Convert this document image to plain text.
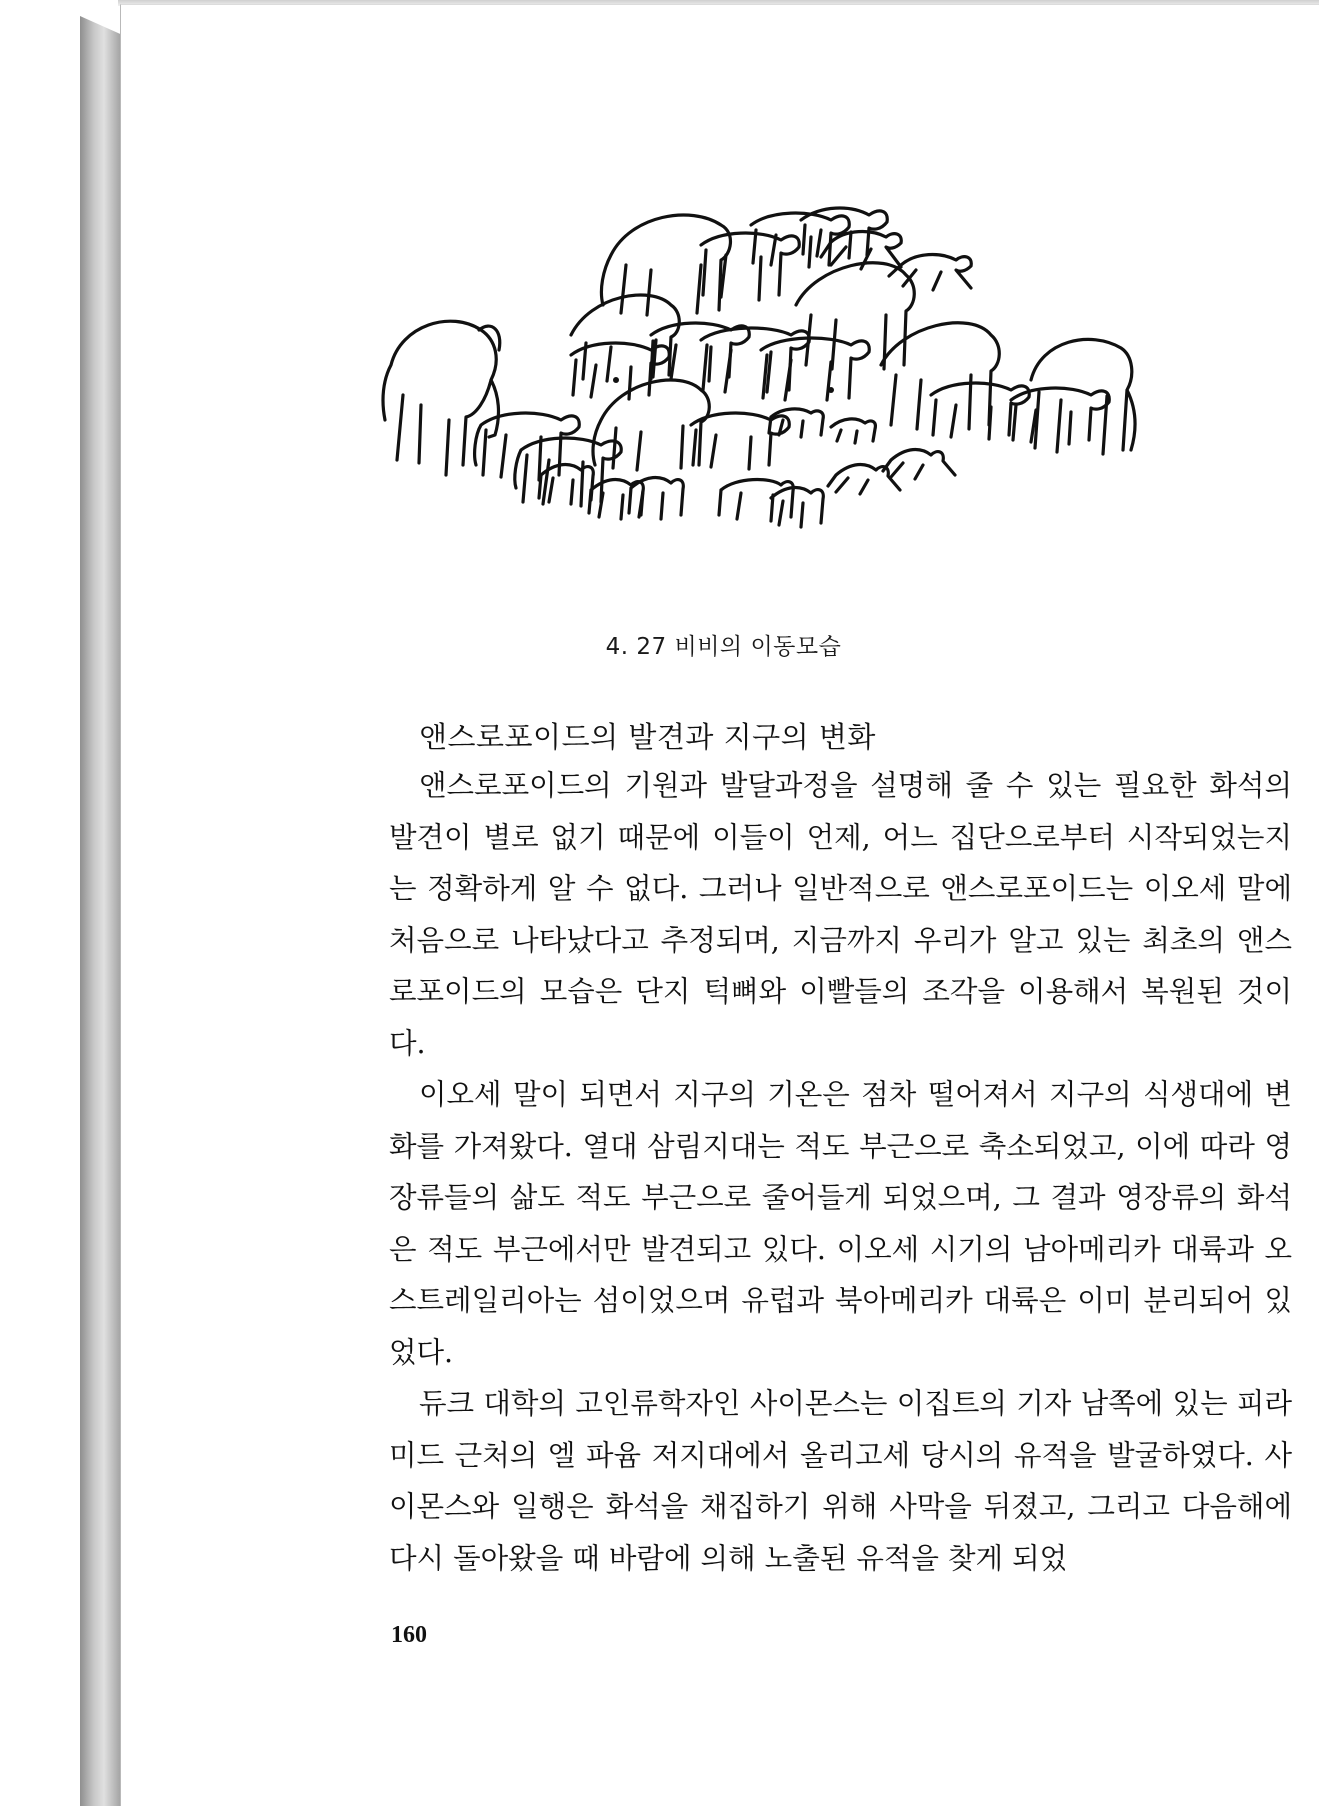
4. 27 비비의 이동모습
앤스로포이드의 발견과 지구의 변화

앤스로포이드의 기원과 발달과정을 설명해 줄 수 있는 필요한 화석의 발견이 별로 없기 때문에 이들이 언제, 어느 집단으로부터 시작되었는지는 정확하게 알 수 없다. 그러나 일반적으로 앤스로포이드는 이오세 말에 처음으로 나타났다고 추정되며, 지금까지 우리가 알고 있는 최초의 앤스로포이드의 모습은 단지 턱뼈와 이빨들의 조각을 이용해서 복원된 것이다.

이오세 말이 되면서 지구의 기온은 점차 떨어져서 지구의 식생대에 변화를 가져왔다. 열대 삼림지대는 적도 부근으로 축소되었고, 이에 따라 영장류들의 삶도 적도 부근으로 줄어들게 되었으며, 그 결과 영장류의 화석은 적도 부근에서만 발견되고 있다. 이오세 시기의 남아메리카 대륙과 오스트레일리아는 섬이었으며 유럽과 북아메리카 대륙은 이미 분리되어 있었다.

듀크 대학의 고인류학자인 사이몬스는 이집트의 기자 남쪽에 있는 피라미드 근처의 엘 파윰 저지대에서 올리고세 당시의 유적을 발굴하였다. 사이몬스와 일행은 화석을 채집하기 위해 사막을 뒤졌고, 그리고 다음해에 다시 돌아왔을 때 바람에 의해 노출된 유적을 찾게 되었

160
